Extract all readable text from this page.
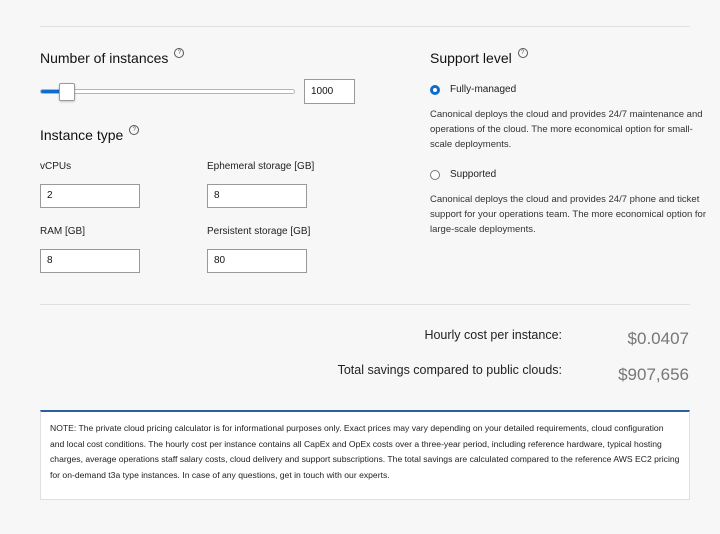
Number of instances ?
1000
Instance type ?
vCPUs
2
Ephemeral storage [GB]
8
RAM [GB]
8
Persistent storage [GB]
80
Support level ?
Fully-managed
Canonical deploys the cloud and provides 24/7 maintenance and operations of the cloud. The more economical option for small-scale deployments.
Supported
Canonical deploys the cloud and provides 24/7 phone and ticket support for your operations team. The more economical option for large-scale deployments.
Hourly cost per instance:	$0.0407
Total savings compared to public clouds:	$907,656
NOTE: The private cloud pricing calculator is for informational purposes only. Exact prices may vary depending on your detailed requirements, cloud configuration and local cost conditions. The hourly cost per instance contains all CapEx and OpEx costs over a three-year period, including reference hardware, typical hosting charges, average operations staff salary costs, cloud delivery and support subscriptions. The total savings are calculated compared to the reference AWS EC2 pricing for on-demand t3a type instances. In case of any questions, get in touch with our experts.
